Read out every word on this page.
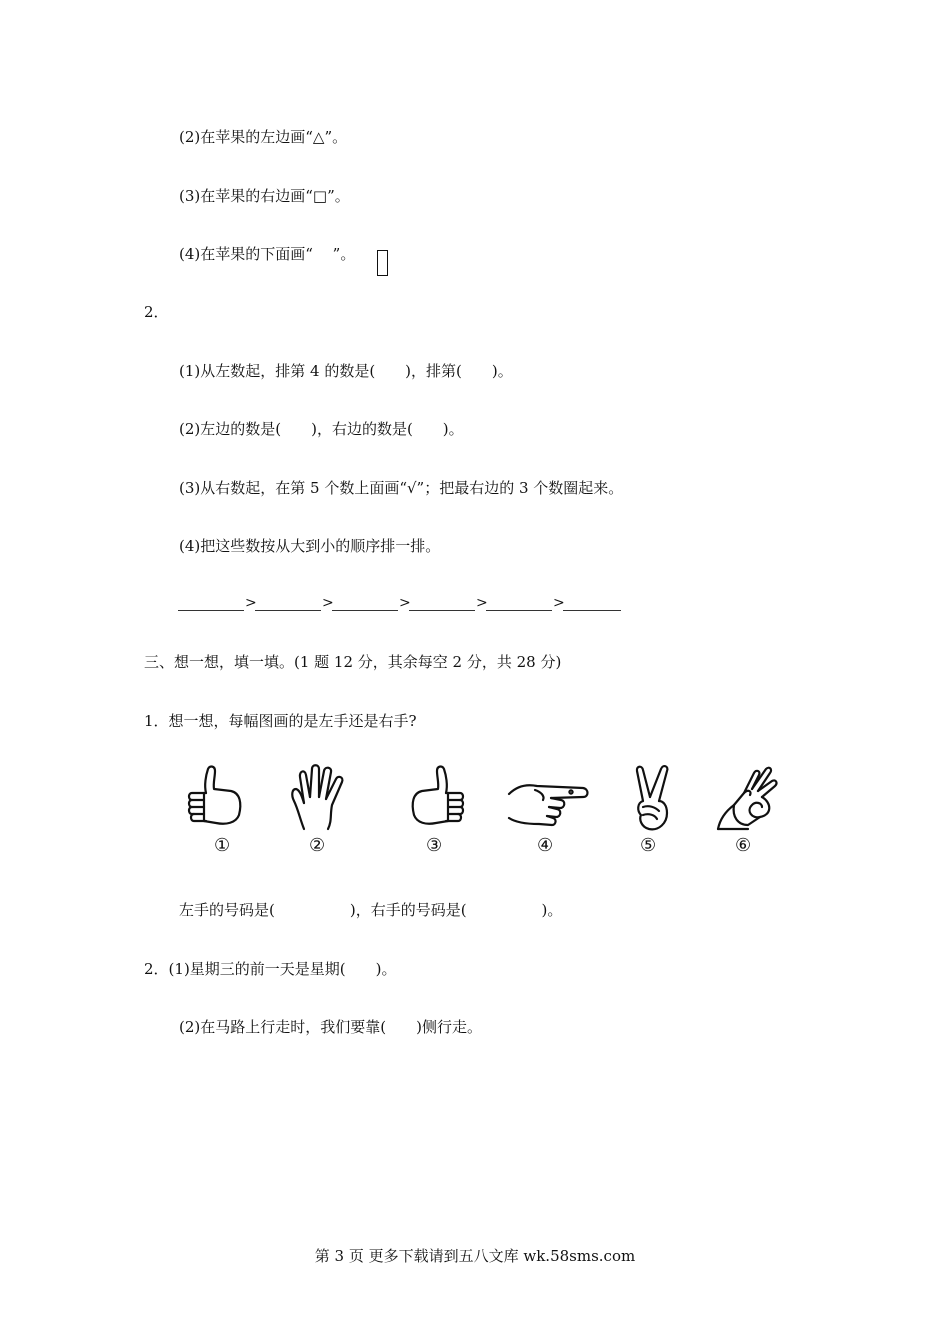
(2)在苹果的左边画“△”。
(3)在苹果的右边画“□”。
(4)在苹果的下面画“　 ”。
2．
(1)从左数起，排第 4 的数是(　　)，排第(　　)。
(2)左边的数是(　　)，右边的数是(　　)。
(3)从右数起，在第 5 个数上面画“√”；把最右边的 3 个数圈起来。
(4)把这些数按从大到小的顺序排一排。
>	>	>	>	>
三、想一想，填一填。(1 题 12 分，其余每空 2 分，共 28 分)
1．想一想，每幅图画的是左手还是右手?
①	②	③	④	⑤	⑥
左手的号码是(　　　　　)，右手的号码是(　　　　　)。
2．(1)星期三的前一天是星期(　　)。
(2)在马路上行走时，我们要靠(　　)侧行走。
第 3 页 更多下载请到五八文库 wk.58sms.com
